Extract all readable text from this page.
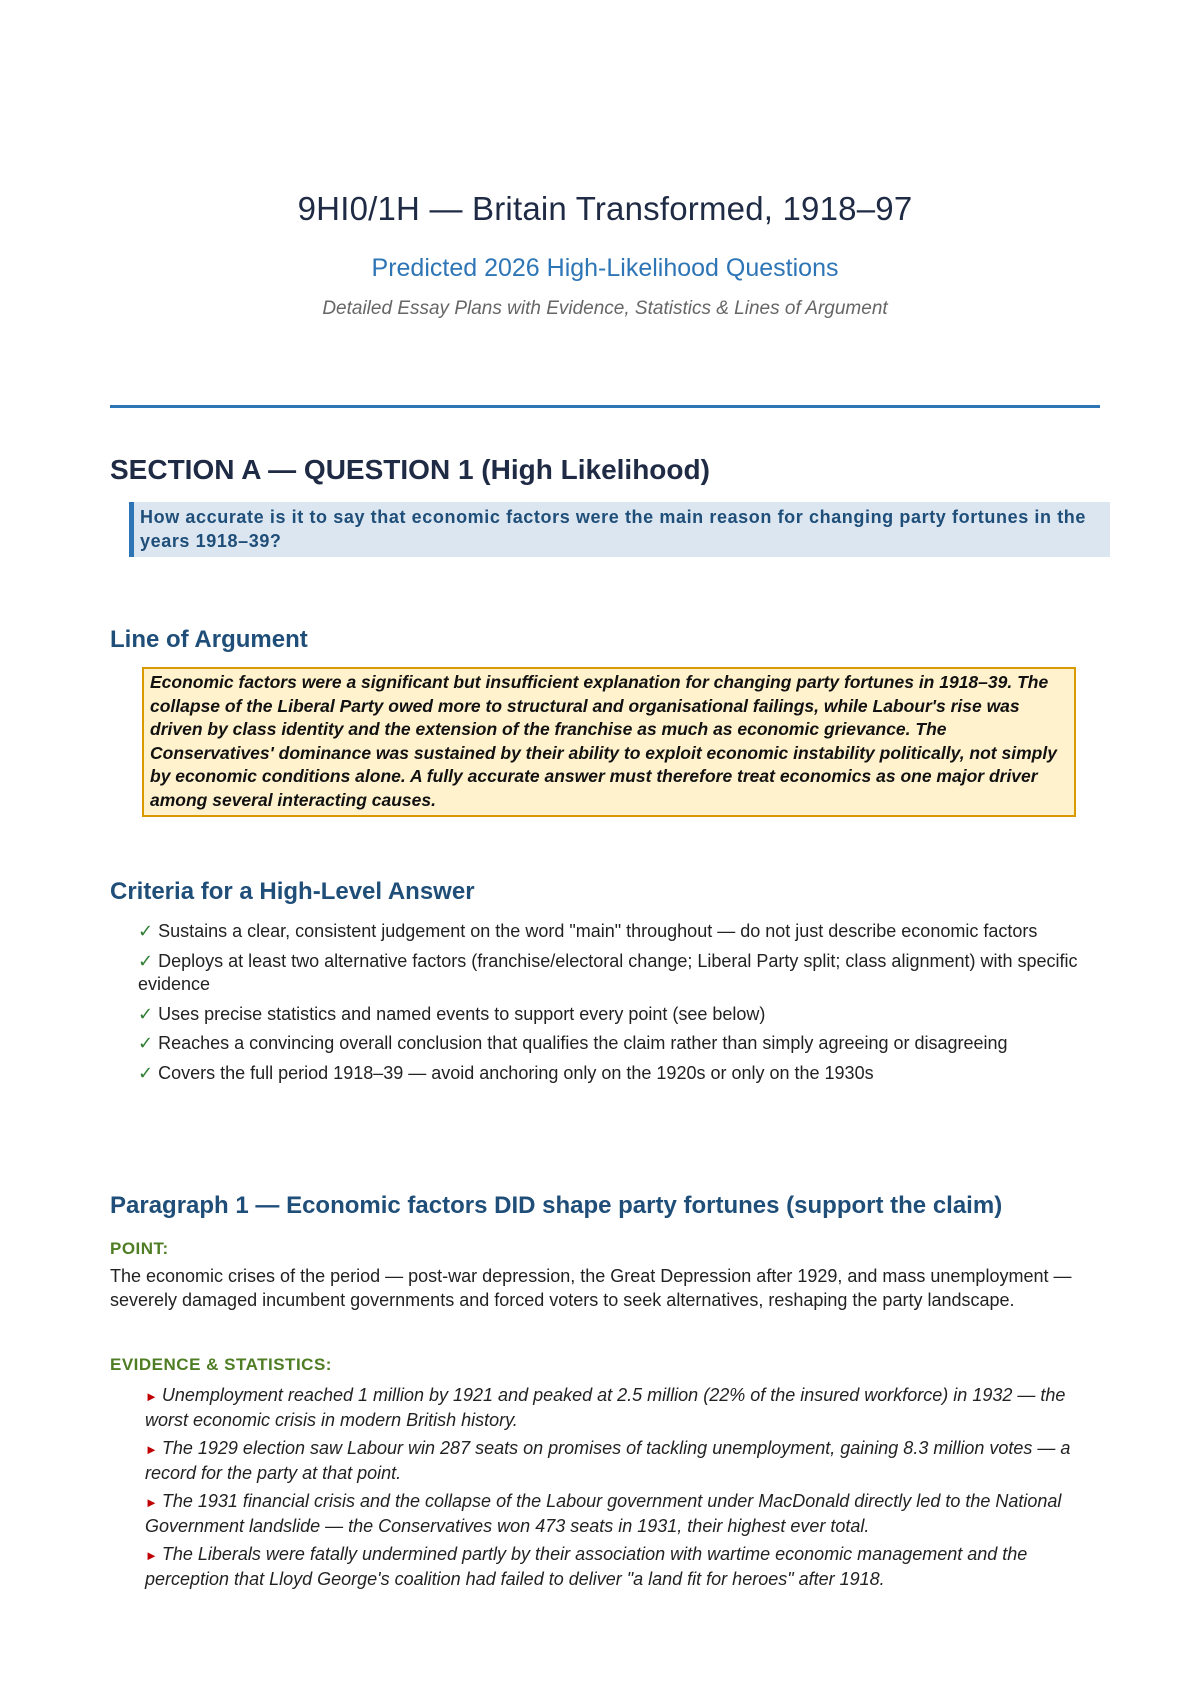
9HI0/1H — Britain Transformed, 1918–97
Predicted 2026 High-Likelihood Questions
Detailed Essay Plans with Evidence, Statistics & Lines of Argument
SECTION A — QUESTION 1 (High Likelihood)
How accurate is it to say that economic factors were the main reason for changing party fortunes in the years 1918–39?
Line of Argument
Economic factors were a significant but insufficient explanation for changing party fortunes in 1918–39. The collapse of the Liberal Party owed more to structural and organisational failings, while Labour's rise was driven by class identity and the extension of the franchise as much as economic grievance. The Conservatives' dominance was sustained by their ability to exploit economic instability politically, not simply by economic conditions alone. A fully accurate answer must therefore treat economics as one major driver among several interacting causes.
Criteria for a High-Level Answer
✓ Sustains a clear, consistent judgement on the word "main" throughout — do not just describe economic factors
✓ Deploys at least two alternative factors (franchise/electoral change; Liberal Party split; class alignment) with specific evidence
✓ Uses precise statistics and named events to support every point (see below)
✓ Reaches a convincing overall conclusion that qualifies the claim rather than simply agreeing or disagreeing
✓ Covers the full period 1918–39 — avoid anchoring only on the 1920s or only on the 1930s
Paragraph 1 — Economic factors DID shape party fortunes (support the claim)
POINT:
The economic crises of the period — post-war depression, the Great Depression after 1929, and mass unemployment — severely damaged incumbent governments and forced voters to seek alternatives, reshaping the party landscape.
EVIDENCE & STATISTICS:
► Unemployment reached 1 million by 1921 and peaked at 2.5 million (22% of the insured workforce) in 1932 — the worst economic crisis in modern British history.
► The 1929 election saw Labour win 287 seats on promises of tackling unemployment, gaining 8.3 million votes — a record for the party at that point.
► The 1931 financial crisis and the collapse of the Labour government under MacDonald directly led to the National Government landslide — the Conservatives won 473 seats in 1931, their highest ever total.
► The Liberals were fatally undermined partly by their association with wartime economic management and the perception that Lloyd George's coalition had failed to deliver "a land fit for heroes" after 1918.
